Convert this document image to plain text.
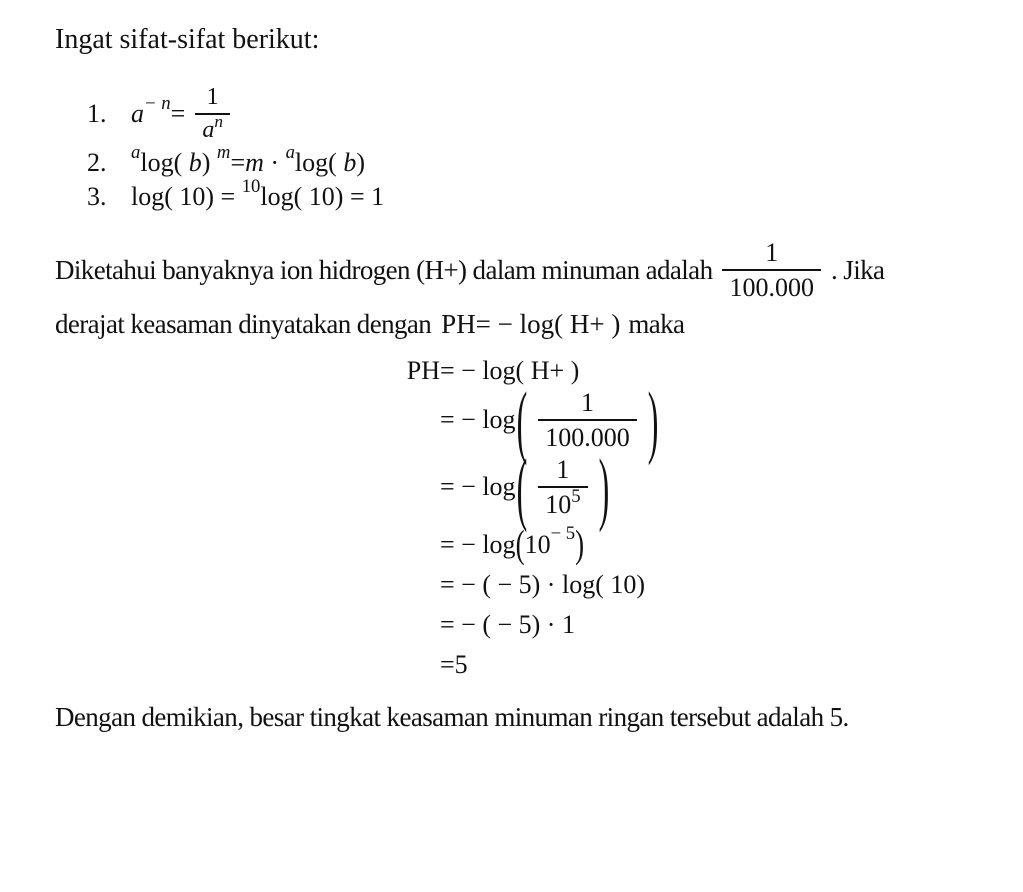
Ingat sifat-sifat berikut:

1. $a - n = \frac{1}{a^n}$
2.	a log( b ) m = m · a log( b )
3. log( 10) = 10 log( 10) = 1
Diketahui banyaknya ion hidrogen (H+) dalam minuman adalah $\frac{1}{100.000}$ . Jika
derajat keasaman dinyatakan dengan PH= − log( H+ ) maka
PH = − log( H+ )
= − log ( $\frac{1}{100.000}$ )
= − log ( $\frac{1}{10^5}$ )
= − log ( 10 − 5 )
= − ( − 5) · log( 10)
= − ( − 5) · 1
= 5

Dengan demikian, besar tingkat keasaman minuman ringan tersebut adalah 5.
